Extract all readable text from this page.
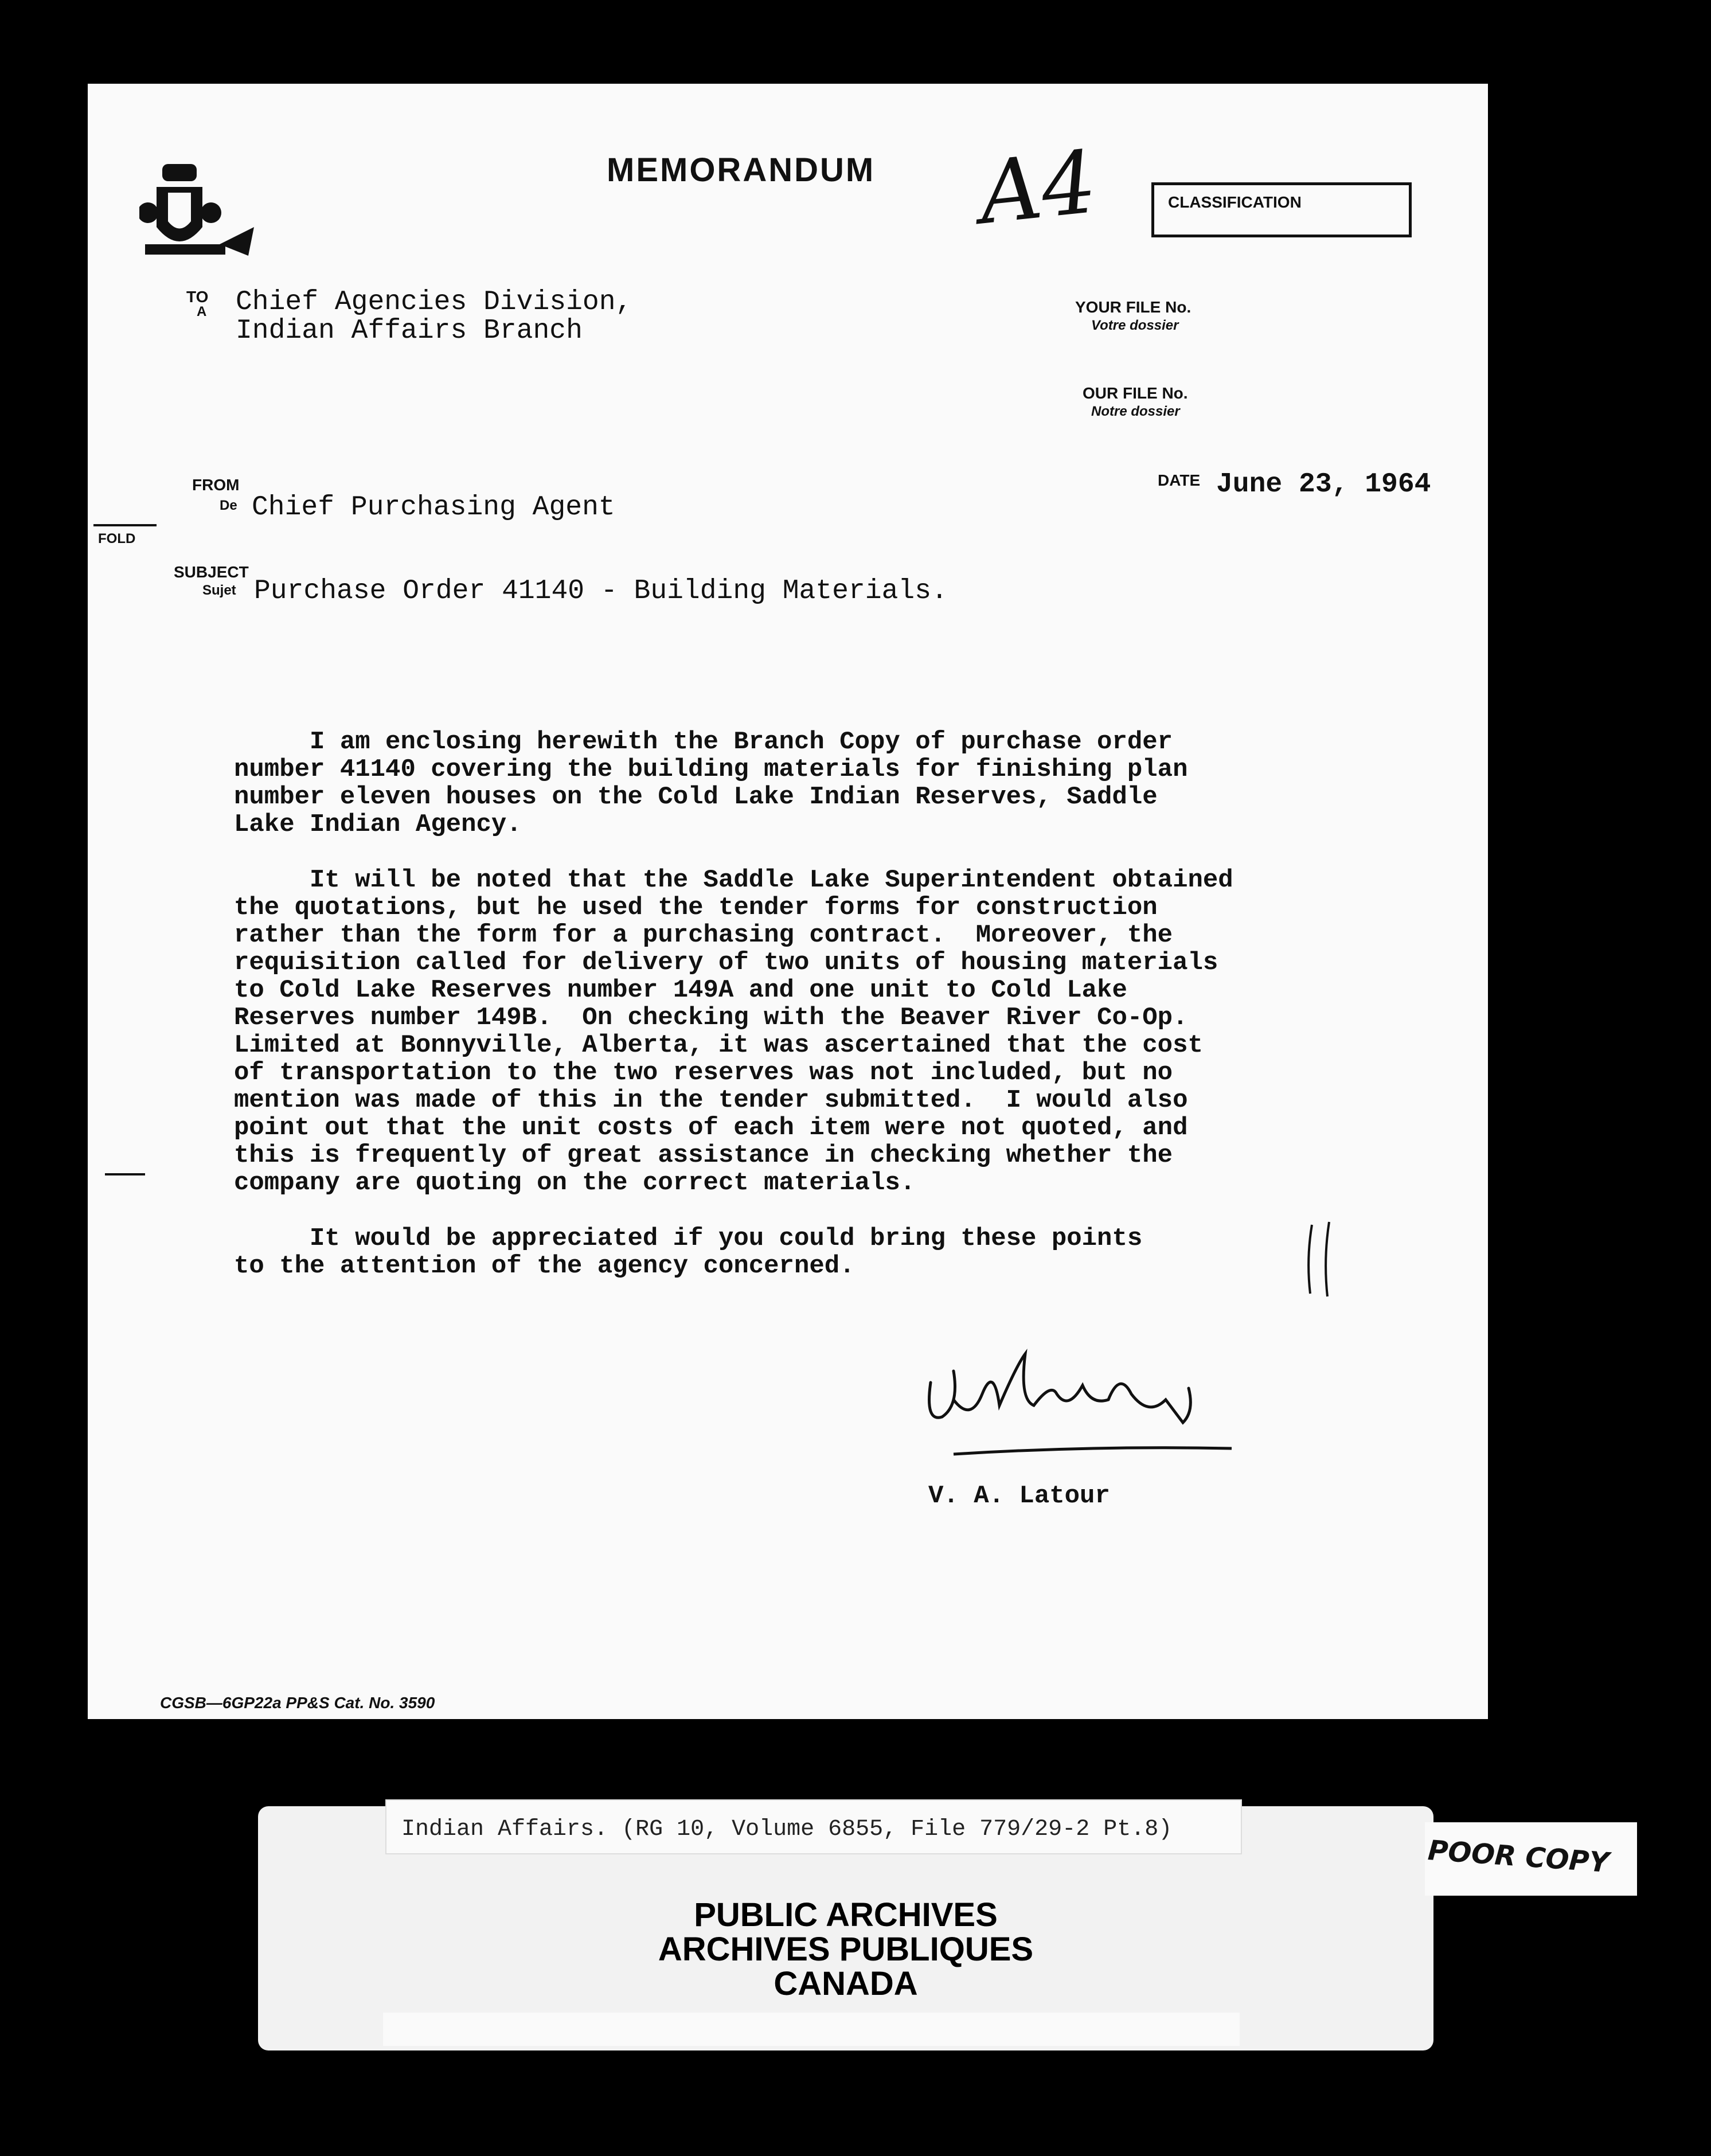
MEMORANDUM A4	CLASSIFICATION
TO
A Chief Agencies Division,
Indian Affairs Branch
YOUR FILE No.
Votre dossier
OUR FILE No.
Notre dossier
FROM
De Chief Purchasing Agent
DATE June 23, 1964
FOLD
SUBJECT
Sujet Purchase Order 41140 - Building Materials.

I am enclosing herewith the Branch Copy of purchase order
number 41140 covering the building materials for finishing plan
number eleven houses on the Cold Lake Indian Reserves, Saddle
Lake Indian Agency.

It will be noted that the Saddle Lake Superintendent obtained
the quotations, but he used the tender forms for construction
rather than the form for a purchasing contract.  Moreover, the
requisition called for delivery of two units of housing materials
to Cold Lake Reserves number 149A and one unit to Cold Lake
Reserves number 149B.  On checking with the Beaver River Co-Op.
Limited at Bonnyville, Alberta, it was ascertained that the cost
of transportation to the two reserves was not included, but no
mention was made of this in the tender submitted.  I would also
point out that the unit costs of each item were not quoted, and
this is frequently of great assistance in checking whether the
company are quoting on the correct materials.

It would be appreciated if you could bring these points
to the attention of the agency concerned.

V. A. Latour
CGSB—6GP22a PP&S Cat. No. 3590
Indian Affairs. (RG 10, Volume 6855, File 779/29-2 Pt.8)
PUBLIC ARCHIVES
ARCHIVES PUBLIQUES
CANADA
POOR COPY
